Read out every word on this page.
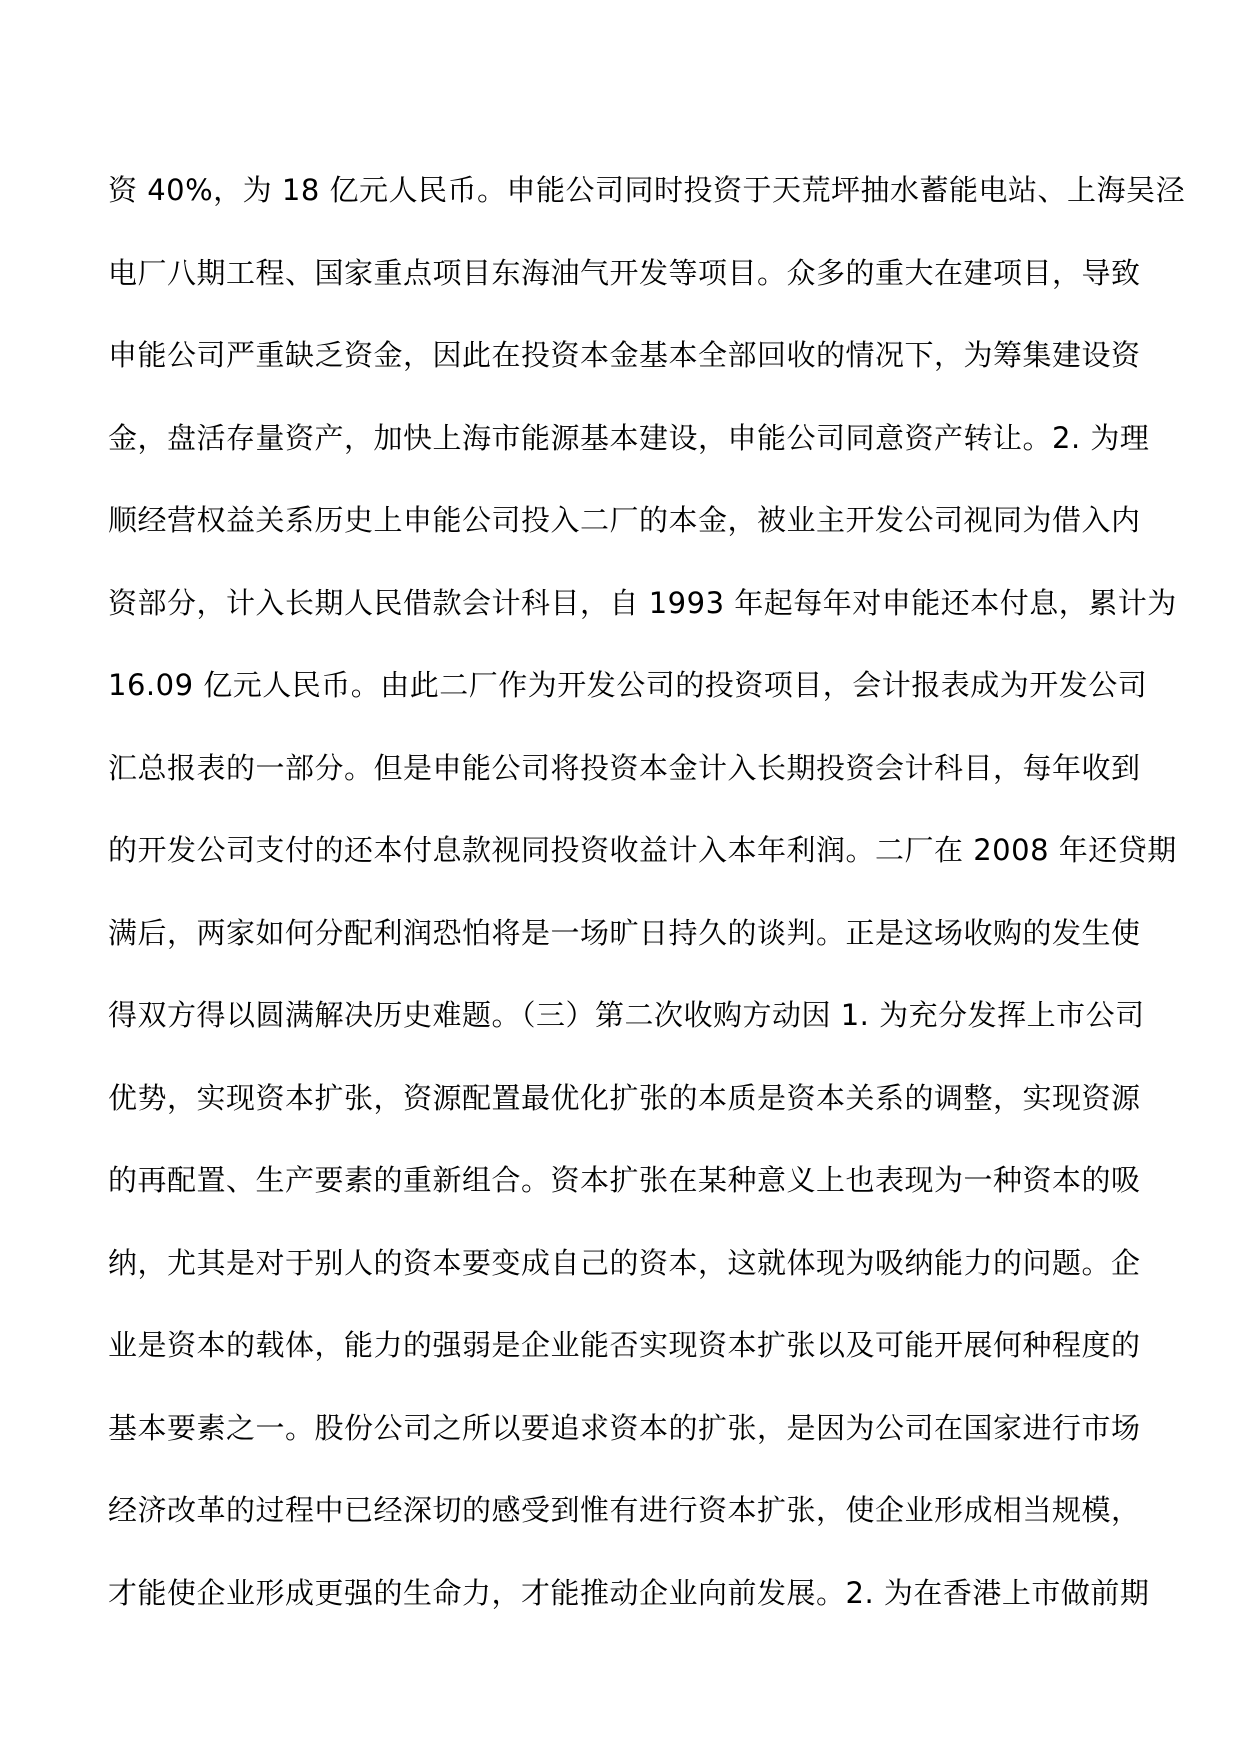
资 40%，为 18 亿元人民币。申能公司同时投资于天荒坪抽水蓄能电站、上海吴泾
电厂八期工程、国家重点项目东海油气开发等项目。众多的重大在建项目，导致
申能公司严重缺乏资金，因此在投资本金基本全部回收的情况下，为筹集建设资
金，盘活存量资产，加快上海市能源基本建设，申能公司同意资产转让。2. 为理
顺经营权益关系历史上申能公司投入二厂的本金，被业主开发公司视同为借入内
资部分，计入长期人民借款会计科目，自 1993 年起每年对申能还本付息，累计为
16.09 亿元人民币。由此二厂作为开发公司的投资项目，会计报表成为开发公司
汇总报表的一部分。但是申能公司将投资本金计入长期投资会计科目，每年收到
的开发公司支付的还本付息款视同投资收益计入本年利润。二厂在 2008 年还贷期
满后，两家如何分配利润恐怕将是一场旷日持久的谈判。正是这场收购的发生使
得双方得以圆满解决历史难题。（三）第二次收购方动因 1. 为充分发挥上市公司
优势，实现资本扩张，资源配置最优化扩张的本质是资本关系的调整，实现资源
的再配置、生产要素的重新组合。资本扩张在某种意义上也表现为一种资本的吸
纳，尤其是对于别人的资本要变成自己的资本，这就体现为吸纳能力的问题。企
业是资本的载体，能力的强弱是企业能否实现资本扩张以及可能开展何种程度的
基本要素之一。股份公司之所以要追求资本的扩张，是因为公司在国家进行市场
经济改革的过程中已经深切的感受到惟有进行资本扩张，使企业形成相当规模，
才能使企业形成更强的生命力，才能推动企业向前发展。2. 为在香港上市做前期
